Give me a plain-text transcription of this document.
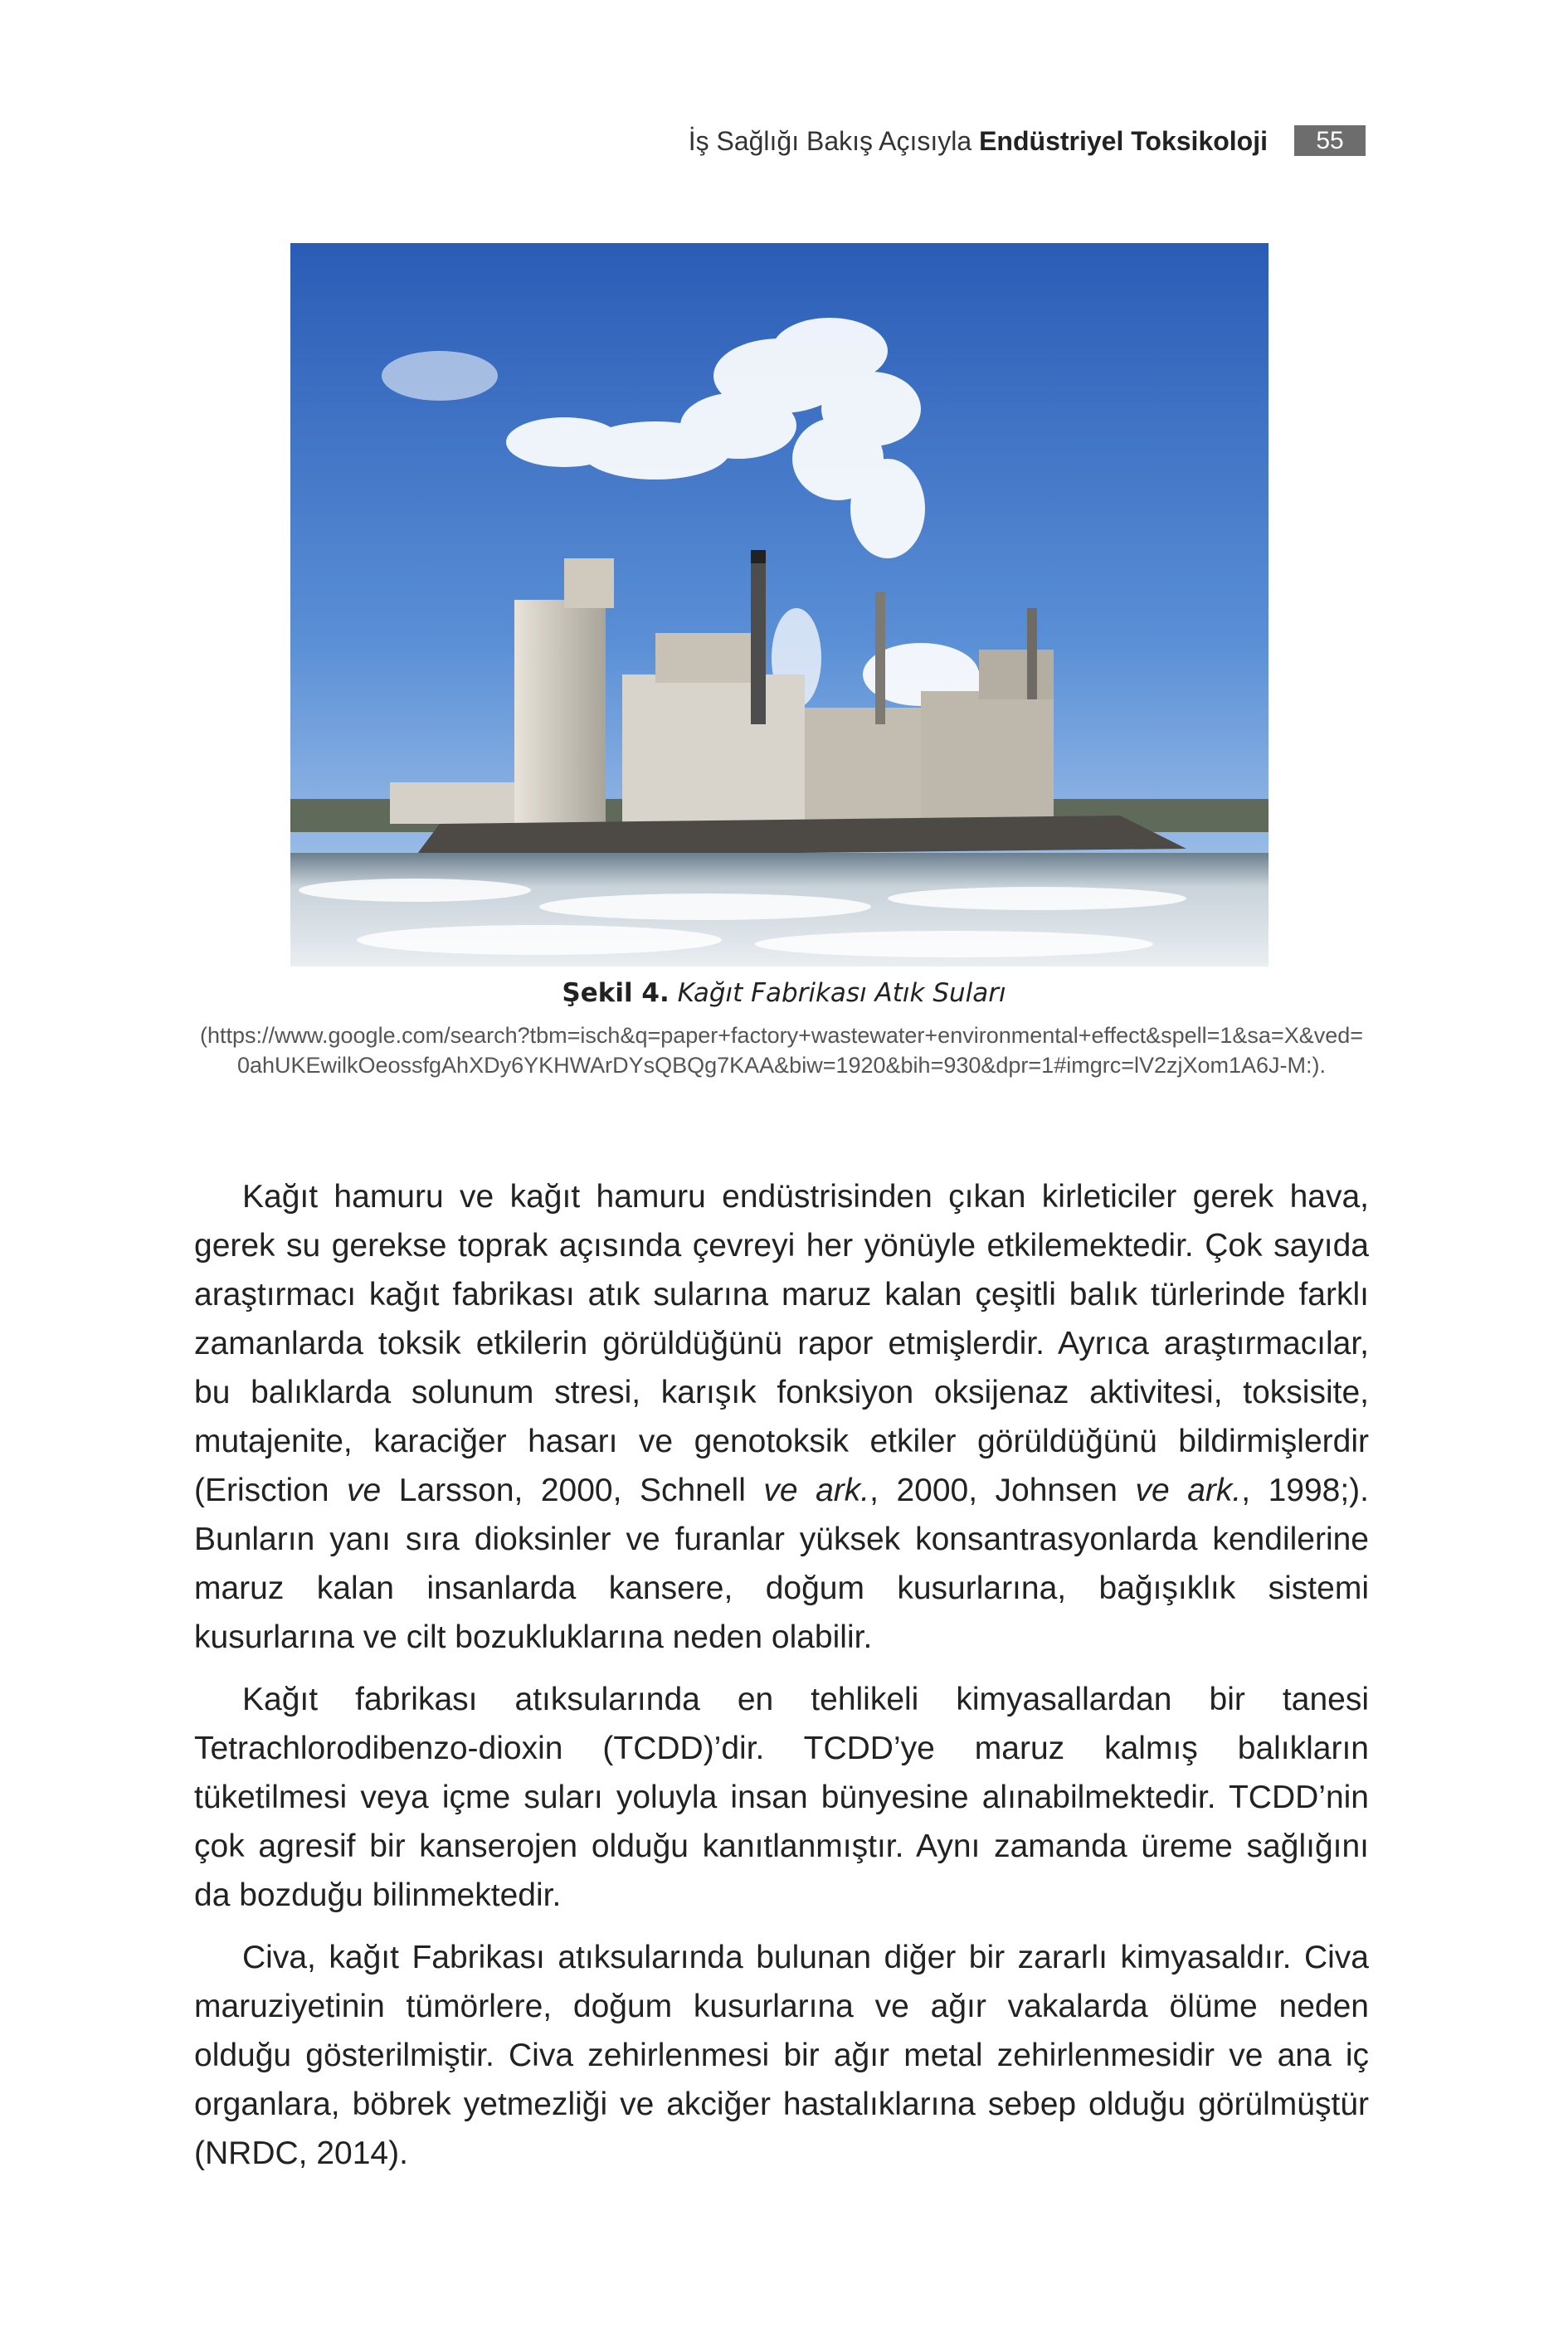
İş Sağlığı Bakış Açısıyla Endüstriyel Toksikoloji	55
Şekil 4. Kağıt Fabrikası Atık Suları
(https://www.google.com/search?tbm=isch&q=paper+factory+wastewater+environmental+effect&spell=1&sa=X&ved=0ahUKEwilkOeossfgAhXDy6YKHWArDYsQBQg7KAA&biw=1920&bih=930&dpr=1#imgrc=lV2zjXom1A6J-M:).

Kağıt hamuru ve kağıt hamuru endüstrisinden çıkan kirleticiler gerek hava, gerek su gerekse toprak açısında çevreyi her yönüyle etkilemektedir. Çok sayıda araştırmacı kağıt fabrikası atık sularına maruz kalan çeşitli balık türlerinde farklı zamanlarda toksik etkilerin görüldüğünü rapor etmişlerdir. Ayrıca araştırmacılar, bu balıklarda solunum stresi, karışık fonksiyon oksijenaz aktivitesi, toksisite, mutajenite, karaciğer hasarı ve genotoksik etkiler görüldüğünü bildirmişlerdir (Erisction ve Larsson, 2000, Schnell ve ark., 2000, Johnsen ve ark., 1998;). Bunların yanı sıra dioksinler ve furanlar yüksek konsantrasyonlarda kendilerine maruz kalan insanlarda kansere, doğum kusurlarına, bağışıklık sistemi kusurlarına ve cilt bozukluklarına neden olabilir.

Kağıt fabrikası atıksularında en tehlikeli kimyasallardan bir tanesi Tetrachlorodibenzo-dioxin (TCDD)’dir. TCDD’ye maruz kalmış balıkların tüketilmesi veya içme suları yoluyla insan bünyesine alınabilmektedir. TCDD’nin çok agresif bir kanserojen olduğu kanıtlanmıştır. Aynı zamanda üreme sağlığını da bozduğu bilinmektedir.

Civa, kağıt Fabrikası atıksularında bulunan diğer bir zararlı kimyasaldır. Civa maruziyetinin tümörlere, doğum kusurlarına ve ağır vakalarda ölüme neden olduğu gösterilmiştir. Civa zehirlenmesi bir ağır metal zehirlenmesidir ve ana iç organlara, böbrek yetmezliği ve akciğer hastalıklarına sebep olduğu görülmüştür (NRDC, 2014).
